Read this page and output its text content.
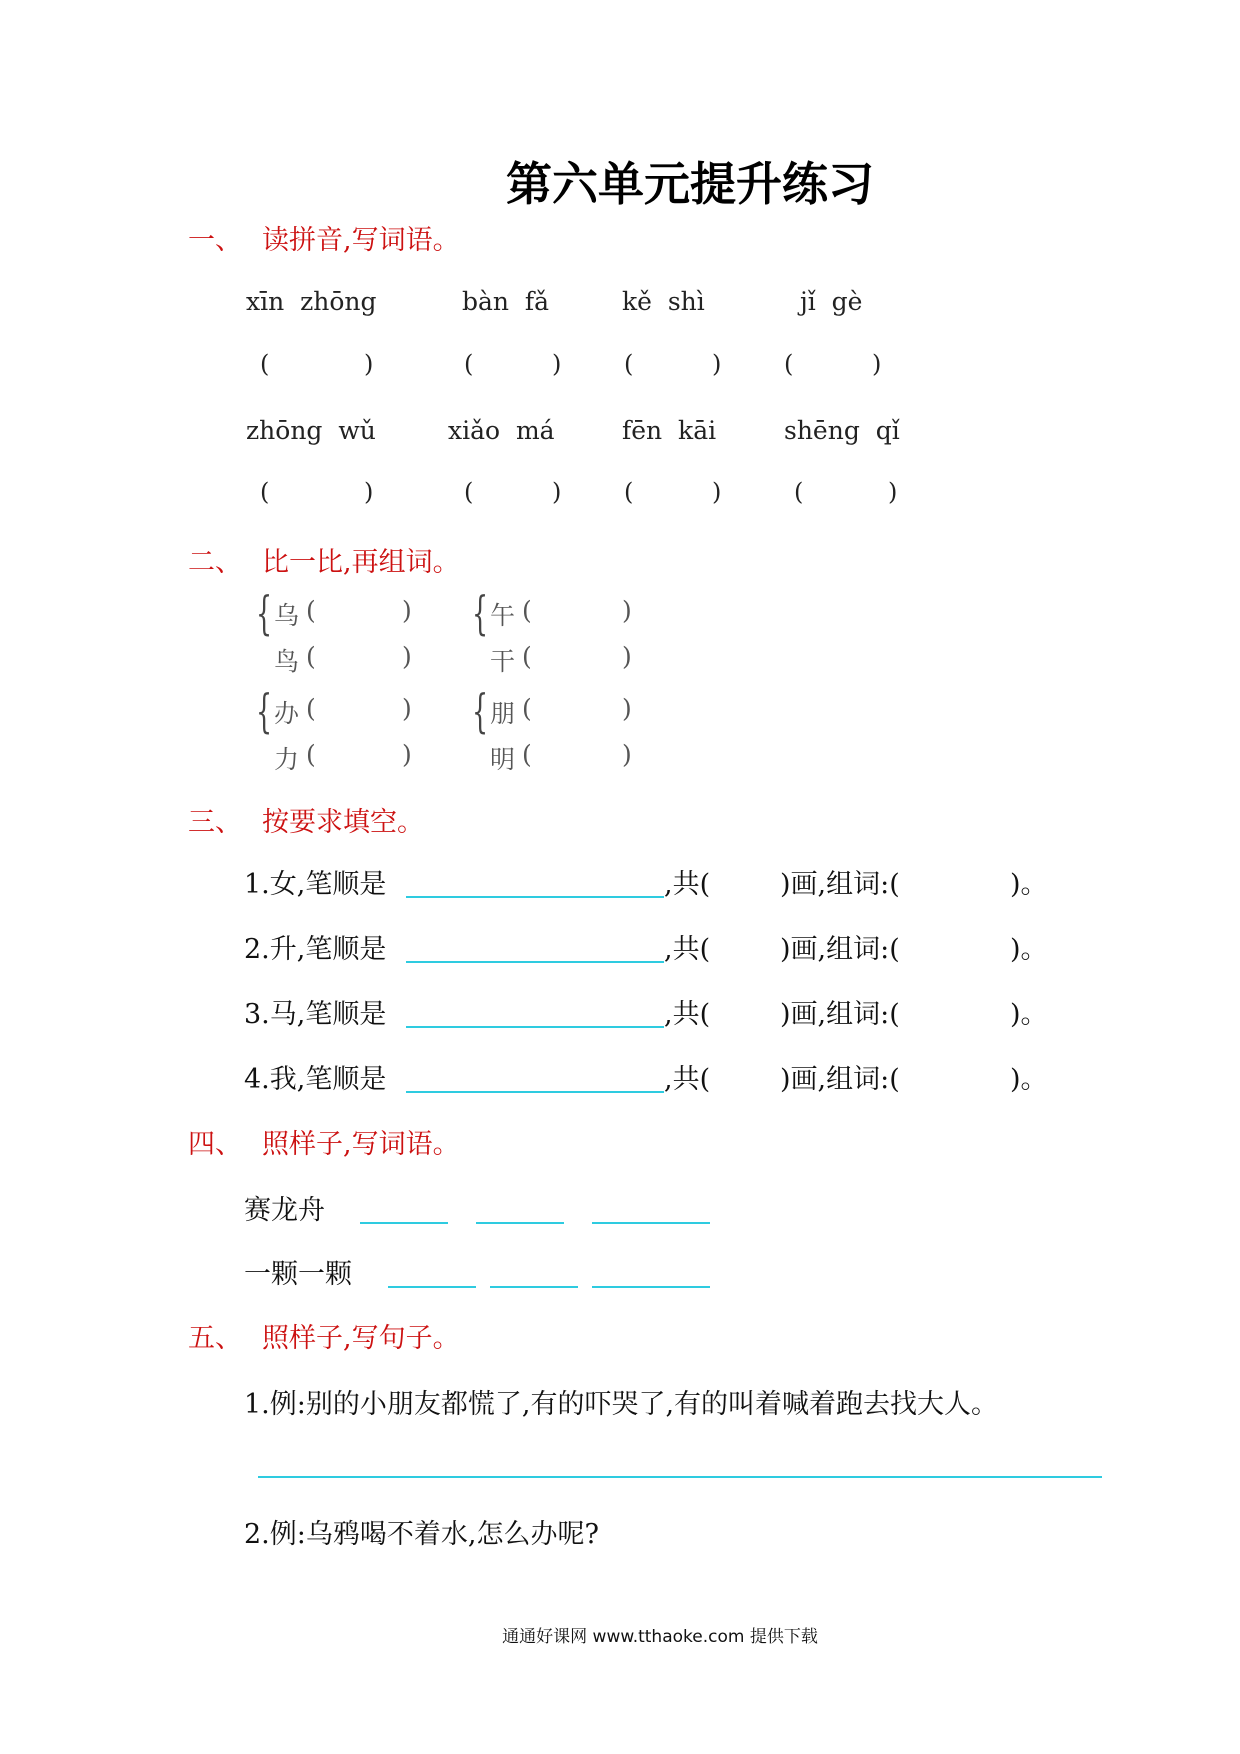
第六单元提升练习
一、 读拼音,写词语。
xīn  zhōng	bàn  fǎ	kě  shì	jǐ  gè
(	)	(	)	(	)	(	)
zhōng  wǔ	xiǎo  má	fēn  kāi	shēng  qǐ
(	)	(	)	(	)	(	)
二、 比一比,再组词。
{ 乌 (	)
鸟 (	)
{ 午 (	)
干 (	)
{ 办 (	)
力 (	)
{ 朋 (	)
明 (	)
三、 按要求填空。
1.女,笔顺是	,共(	)画,组词:(	)。
2.升,笔顺是	,共(	)画,组词:(	)。
3.马,笔顺是	,共(	)画,组词:(	)。
4.我,笔顺是	,共(	)画,组词:(	)。
四、 照样子,写词语。
赛龙舟
一颗一颗
五、 照样子,写句子。
1.例:别的小朋友都慌了,有的吓哭了,有的叫着喊着跑去找大人。
2.例:乌鸦喝不着水,怎么办呢?
通通好课网 www.tthaoke.com 提供下载
